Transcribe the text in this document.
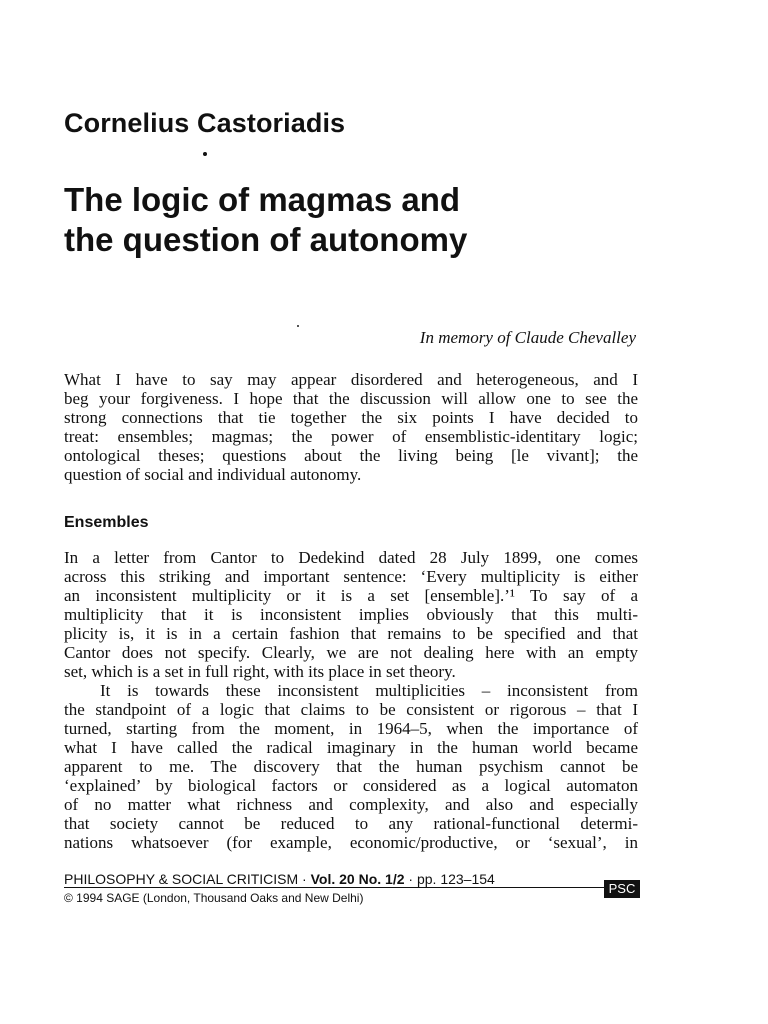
Cornelius Castoriadis
The logic of magmas and
the question of autonomy

In memory of Claude Chevalley

What I have to say may appear disordered and heterogeneous, and I
beg your forgiveness. I hope that the discussion will allow one to see the
strong connections that tie together the six points I have decided to
treat: ensembles; magmas; the power of ensemblistic-identitary logic;
ontological theses; questions about the living being [le vivant]; the
question of social and individual autonomy.

Ensembles

In a letter from Cantor to Dedekind dated 28 July 1899, one comes
across this striking and important sentence: ‘Every multiplicity is either
an inconsistent multiplicity or it is a set [ensemble].’¹ To say of a
multiplicity that it is inconsistent implies obviously that this multi-
plicity is, it is in a certain fashion that remains to be specified and that
Cantor does not specify. Clearly, we are not dealing here with an empty
set, which is a set in full right, with its place in set theory.
It is towards these inconsistent multiplicities – inconsistent from
the standpoint of a logic that claims to be consistent or rigorous – that I
turned, starting from the moment, in 1964–5, when the importance of
what I have called the radical imaginary in the human world became
apparent to me. The discovery that the human psychism cannot be
‘explained’ by biological factors or considered as a logical automaton
of no matter what richness and complexity, and also and especially
that society cannot be reduced to any rational-functional determi-
nations whatsoever (for example, economic/productive, or ‘sexual’, in

PHILOSOPHY & SOCIAL CRITICISM · Vol. 20 No. 1/2 · pp. 123–154
PSC
© 1994 SAGE (London, Thousand Oaks and New Delhi)
